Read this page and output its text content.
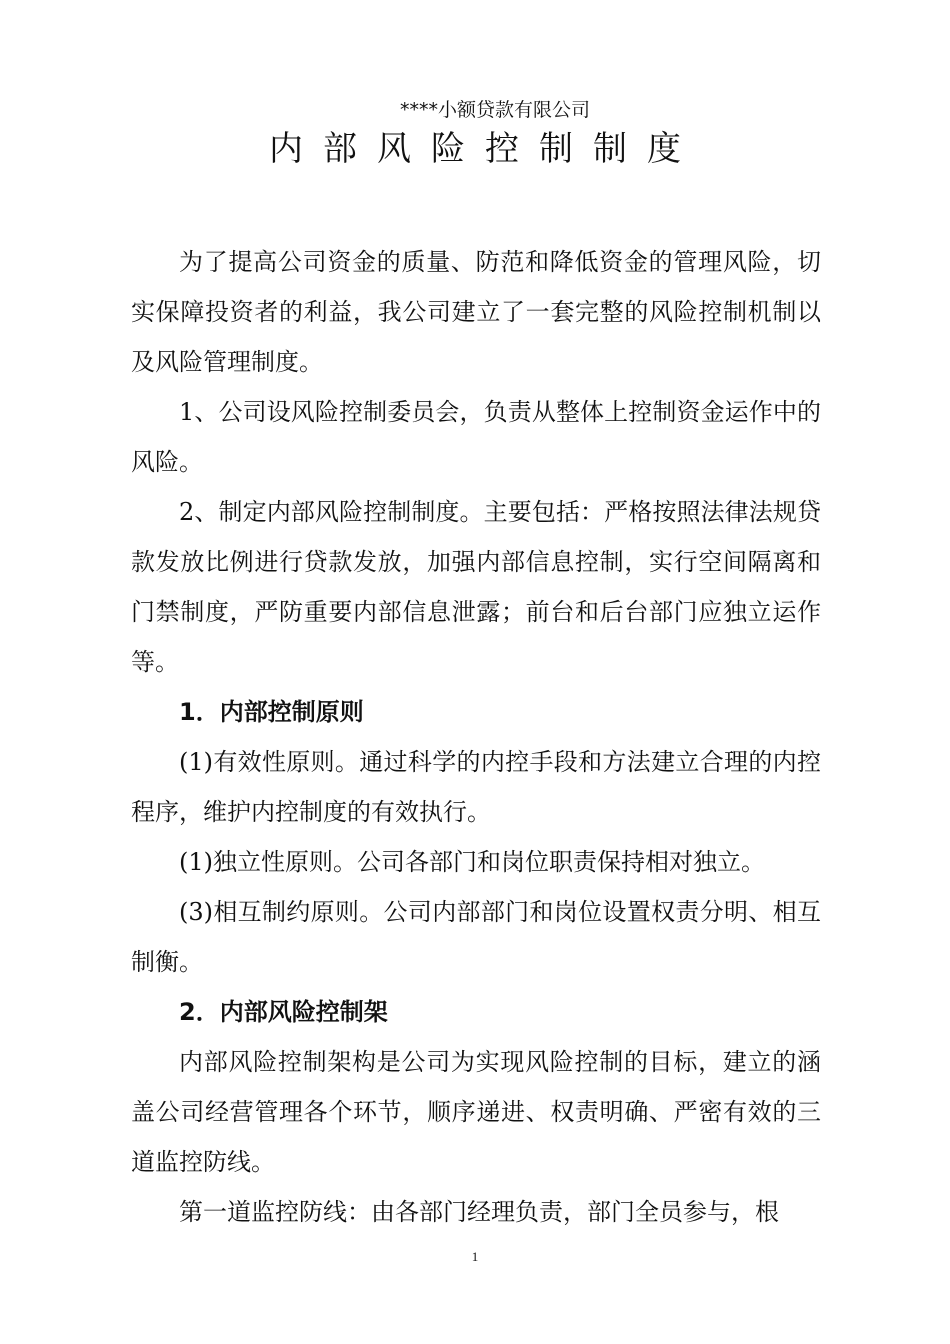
****小额贷款有限公司
内部风险控制制度

为了提高公司资金的质量、防范和降低资金的管理风险，切实保障投资者的利益，我公司建立了一套完整的风险控制机制以及风险管理制度。

1、公司设风险控制委员会，负责从整体上控制资金运作中的风险。

2、制定内部风险控制制度。主要包括：严格按照法律法规贷款发放比例进行贷款发放，加强内部信息控制，实行空间隔离和门禁制度，严防重要内部信息泄露；前台和后台部门应独立运作等。

1．内部控制原则

(1)有效性原则。通过科学的内控手段和方法建立合理的内控程序，维护内控制度的有效执行。

(1)独立性原则。公司各部门和岗位职责保持相对独立。

(3)相互制约原则。公司内部部门和岗位设置权责分明、相互制衡。

2．内部风险控制架

内部风险控制架构是公司为实现风险控制的目标，建立的涵盖公司经营管理各个环节，顺序递进、权责明确、严密有效的三道监控防线。

第一道监控防线：由各部门经理负责，部门全员参与，根

1
